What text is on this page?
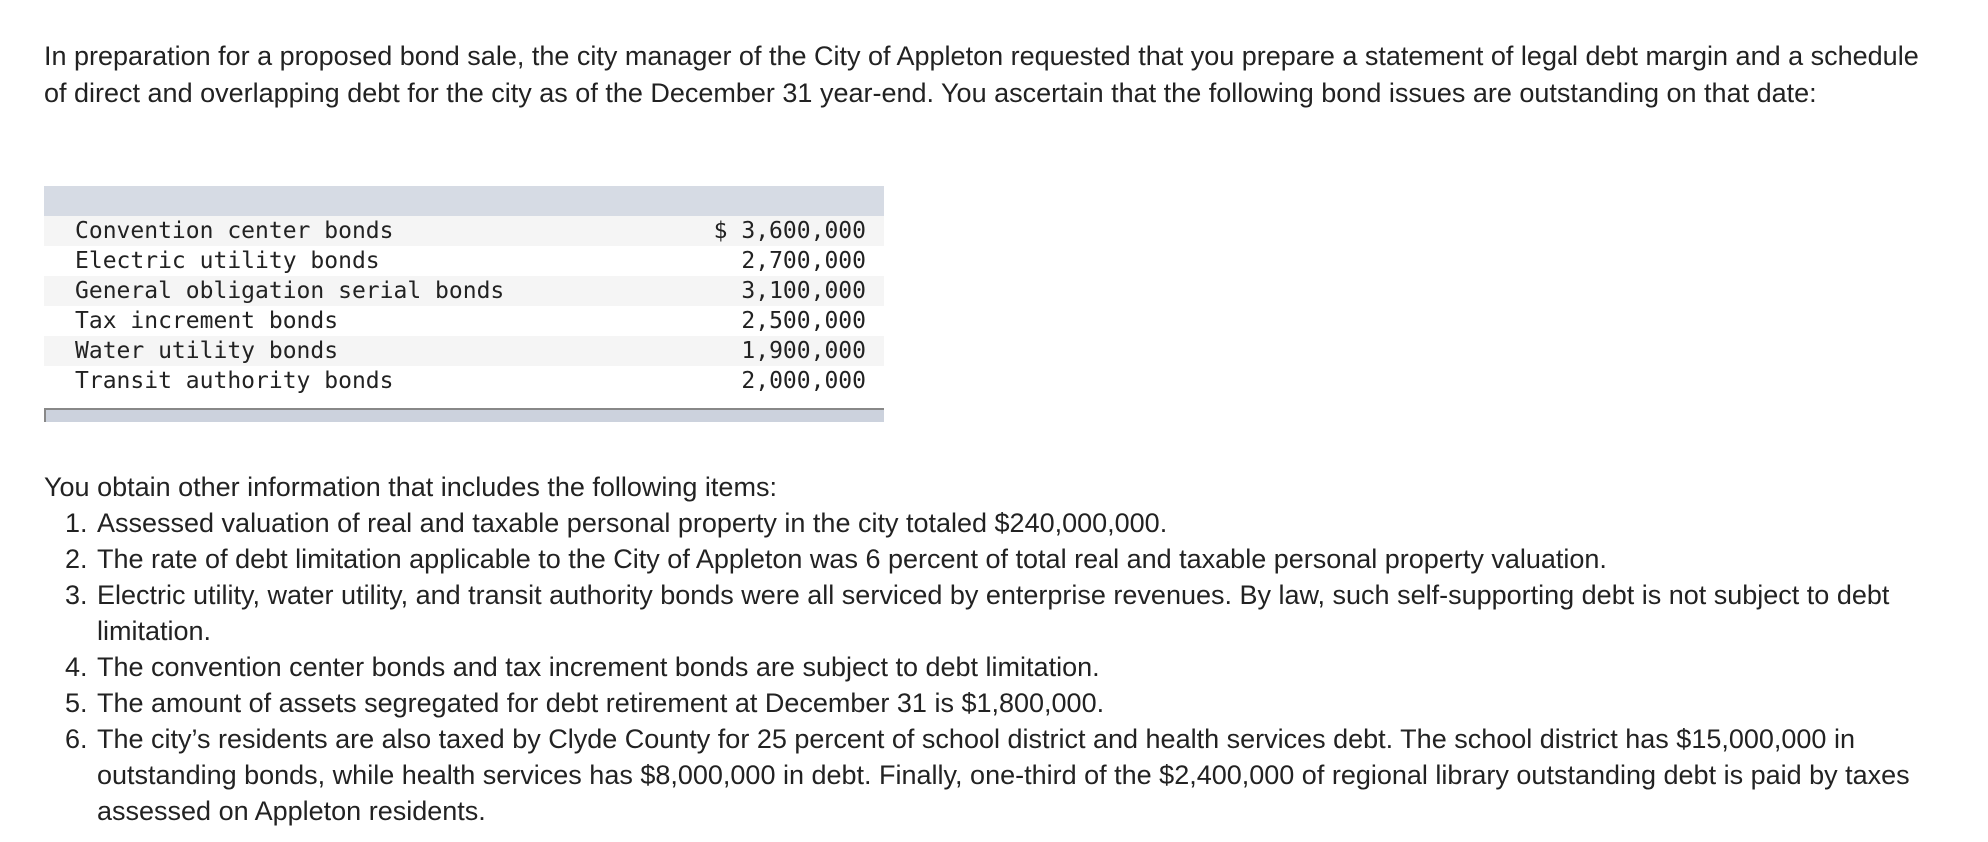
In preparation for a proposed bond sale, the city manager of the City of Appleton requested that you prepare a statement of legal debt margin and a schedule of direct and overlapping debt for the city as of the December 31 year-end. You ascertain that the following bond issues are outstanding on that date:

Convention center bonds	$ 3,600,000
Electric utility bonds	2,700,000
General obligation serial bonds	3,100,000
Tax increment bonds	2,500,000
Water utility bonds	1,900,000
Transit authority bonds	2,000,000
You obtain other information that includes the following items:
1. Assessed valuation of real and taxable personal property in the city totaled $240,000,000.
2. The rate of debt limitation applicable to the City of Appleton was 6 percent of total real and taxable personal property valuation.
3. Electric utility, water utility, and transit authority bonds were all serviced by enterprise revenues. By law, such self-supporting debt is not subject to debt limitation.
4. The convention center bonds and tax increment bonds are subject to debt limitation.
5. The amount of assets segregated for debt retirement at December 31 is $1,800,000.
6. The city’s residents are also taxed by Clyde County for 25 percent of school district and health services debt. The school district has $15,000,000 in outstanding bonds, while health services has $8,000,000 in debt. Finally, one-third of the $2,400,000 of regional library outstanding debt is paid by taxes assessed on Appleton residents.
